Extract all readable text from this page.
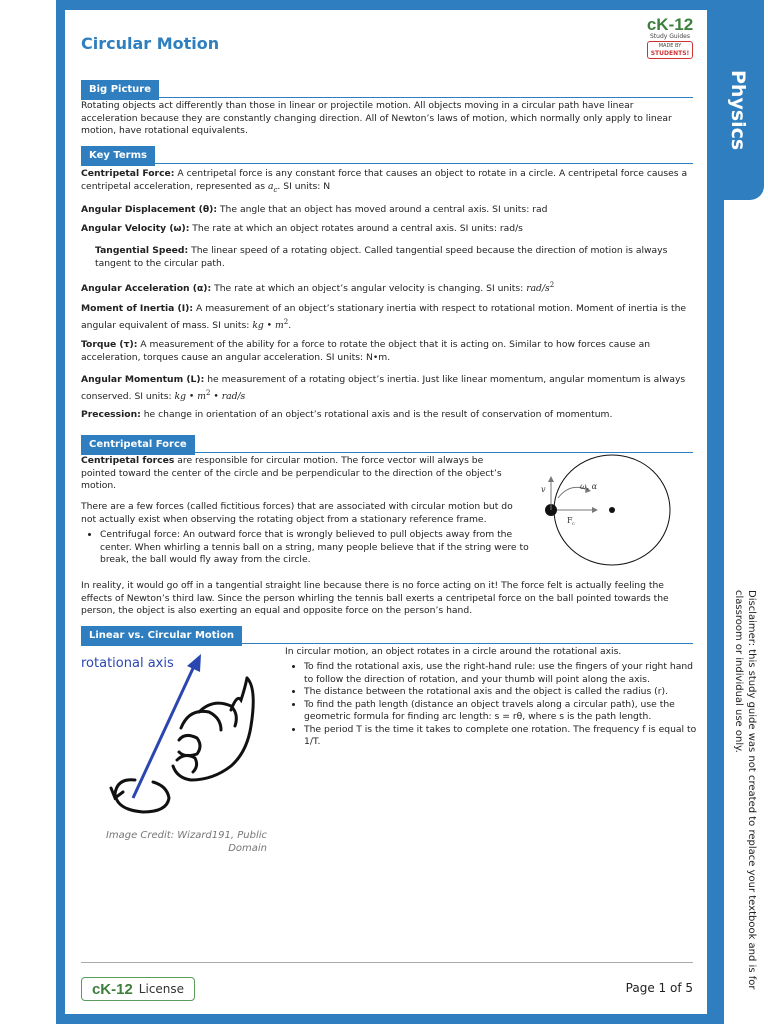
Physics
Disclaimer: this study guide was not created to replace your textbook and is for classroom or individual use only.
Circular Motion
cK-12
Study Guides
MADE BY
STUDENTS!
Big Picture

Rotating objects act differently than those in linear or projectile motion. All objects moving in a circular path have linear acceleration because they are constantly changing direction. All of Newton’s laws of motion, which normally only apply to linear motion, have rotational equivalents.

Key Terms

Centripetal Force: A centripetal force is any constant force that causes an object to rotate in a circle. A centripetal force causes a centripetal acceleration, represented as $a_c$. SI units: N

Angular Displacement (θ): The angle that an object has moved around a central axis. SI units: rad

Angular Velocity (ω): The rate at which an object rotates around a central axis. SI units: rad/s

Tangential Speed: The linear speed of a rotating object. Called tangential speed because the direction of motion is always tangent to the circular path.

Angular Acceleration (α): The rate at which an object’s angular velocity is changing. SI units: rad/$s^2$

Moment of Inertia (I): A measurement of an object’s stationary inertia with respect to rotational motion. Moment of inertia is the angular equivalent of mass. SI units: kg • $m^2$.

Torque (τ): A measurement of the ability for a force to rotate the object that it is acting on. Similar to how forces cause an acceleration, torques cause an angular acceleration. SI units: N•m.

Angular Momentum (L): he measurement of a rotating object’s inertia. Just like linear momentum, angular momentum is always conserved. SI units: kg • $m^2$ • rad/s

Precession: he change in orientation of an object’s rotational axis and is the result of conservation of momentum.

Centripetal Force

Centripetal forces are responsible for circular motion. The force vector will always be pointed toward the center of the circle and be perpendicular to the direction of the object’s motion.

There are a few forces (called fictitious forces) that are associated with circular motion but do not actually exist when observing the rotating object from a stationary reference frame.

• Centrifugal force: An outward force that is wrongly believed to pull objects away from the center. When whirling a tennis ball on a string, many people believe that if the string were to break, the ball would fly away from the circle.

In reality, it would go off in a tangential straight line because there is no force acting on it! The force felt is actually feeling the effects of Newton’s third law. Since the person whirling the tennis ball exerts a centripetal force on the ball pointed towards the person, the object is also exerting an equal and opposite force on the person’s hand.

v	ω, α
F c
Linear vs. Circular Motion

In circular motion, an object rotates in a circle around the rotational axis.

• To find the rotational axis, use the right-hand rule: use the fingers of your right hand to follow the direction of rotation, and your thumb will point along the axis.
• The distance between the rotational axis and the object is called the radius (r).
• To find the path length (distance an object travels along a circular path), use the geometric formula for finding arc length: s = rθ, where s is the path length.
• The period T is the time it takes to complete one rotation. The frequency f is equal to 1/T.
rotational axis
Image Credit: Wizard191, Public Domain
cK-12 License	Page 1 of 5
